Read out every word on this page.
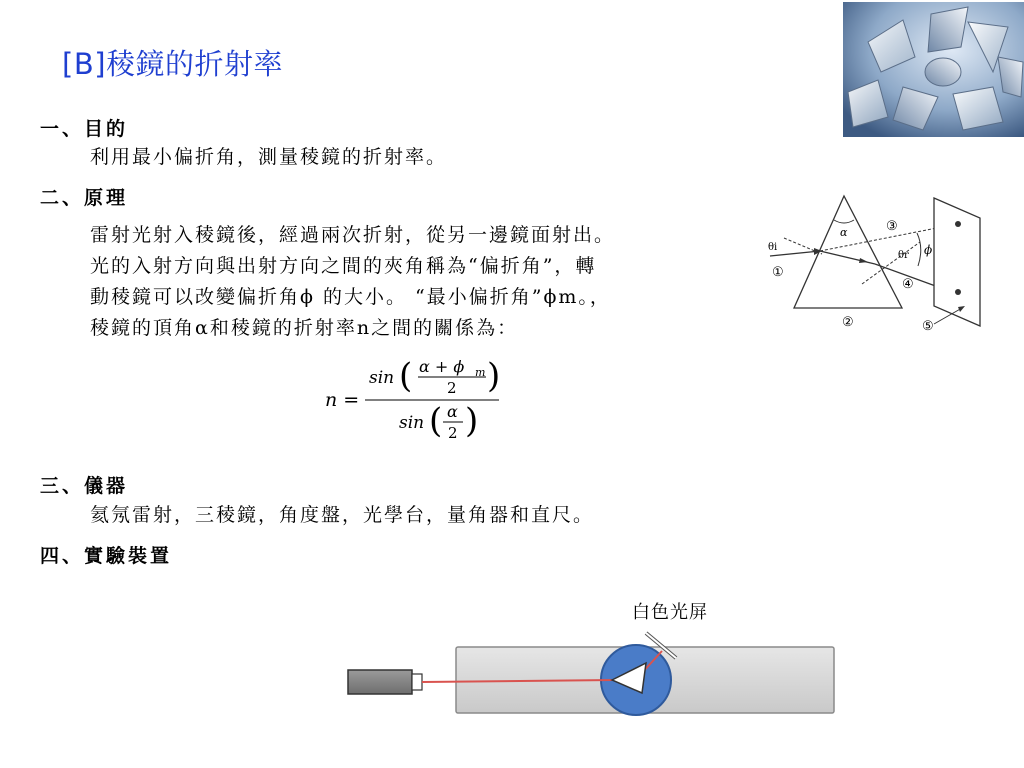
[B]稜鏡的折射率
一、目的
利用最小偏折角，測量稜鏡的折射率。
二、原理
雷射光射入稜鏡後，經過兩次折射，從另一邊鏡面射出。
光的入射方向與出射方向之間的夾角稱為“偏折角”，轉
動稜鏡可以改變偏折角ϕ 的大小。 “最小偏折角”ϕm。，
稜鏡的頂角α和稜鏡的折射率n之間的關係為：
α
ϕ
θi
θr
①
②
③
④
⑤
n =
sin ( α + ϕ m
2 )
sin ( α
2 )
三、儀器
氦氖雷射，三稜鏡，角度盤，光學台，量角器和直尺。
四、實驗裝置
白色光屏
